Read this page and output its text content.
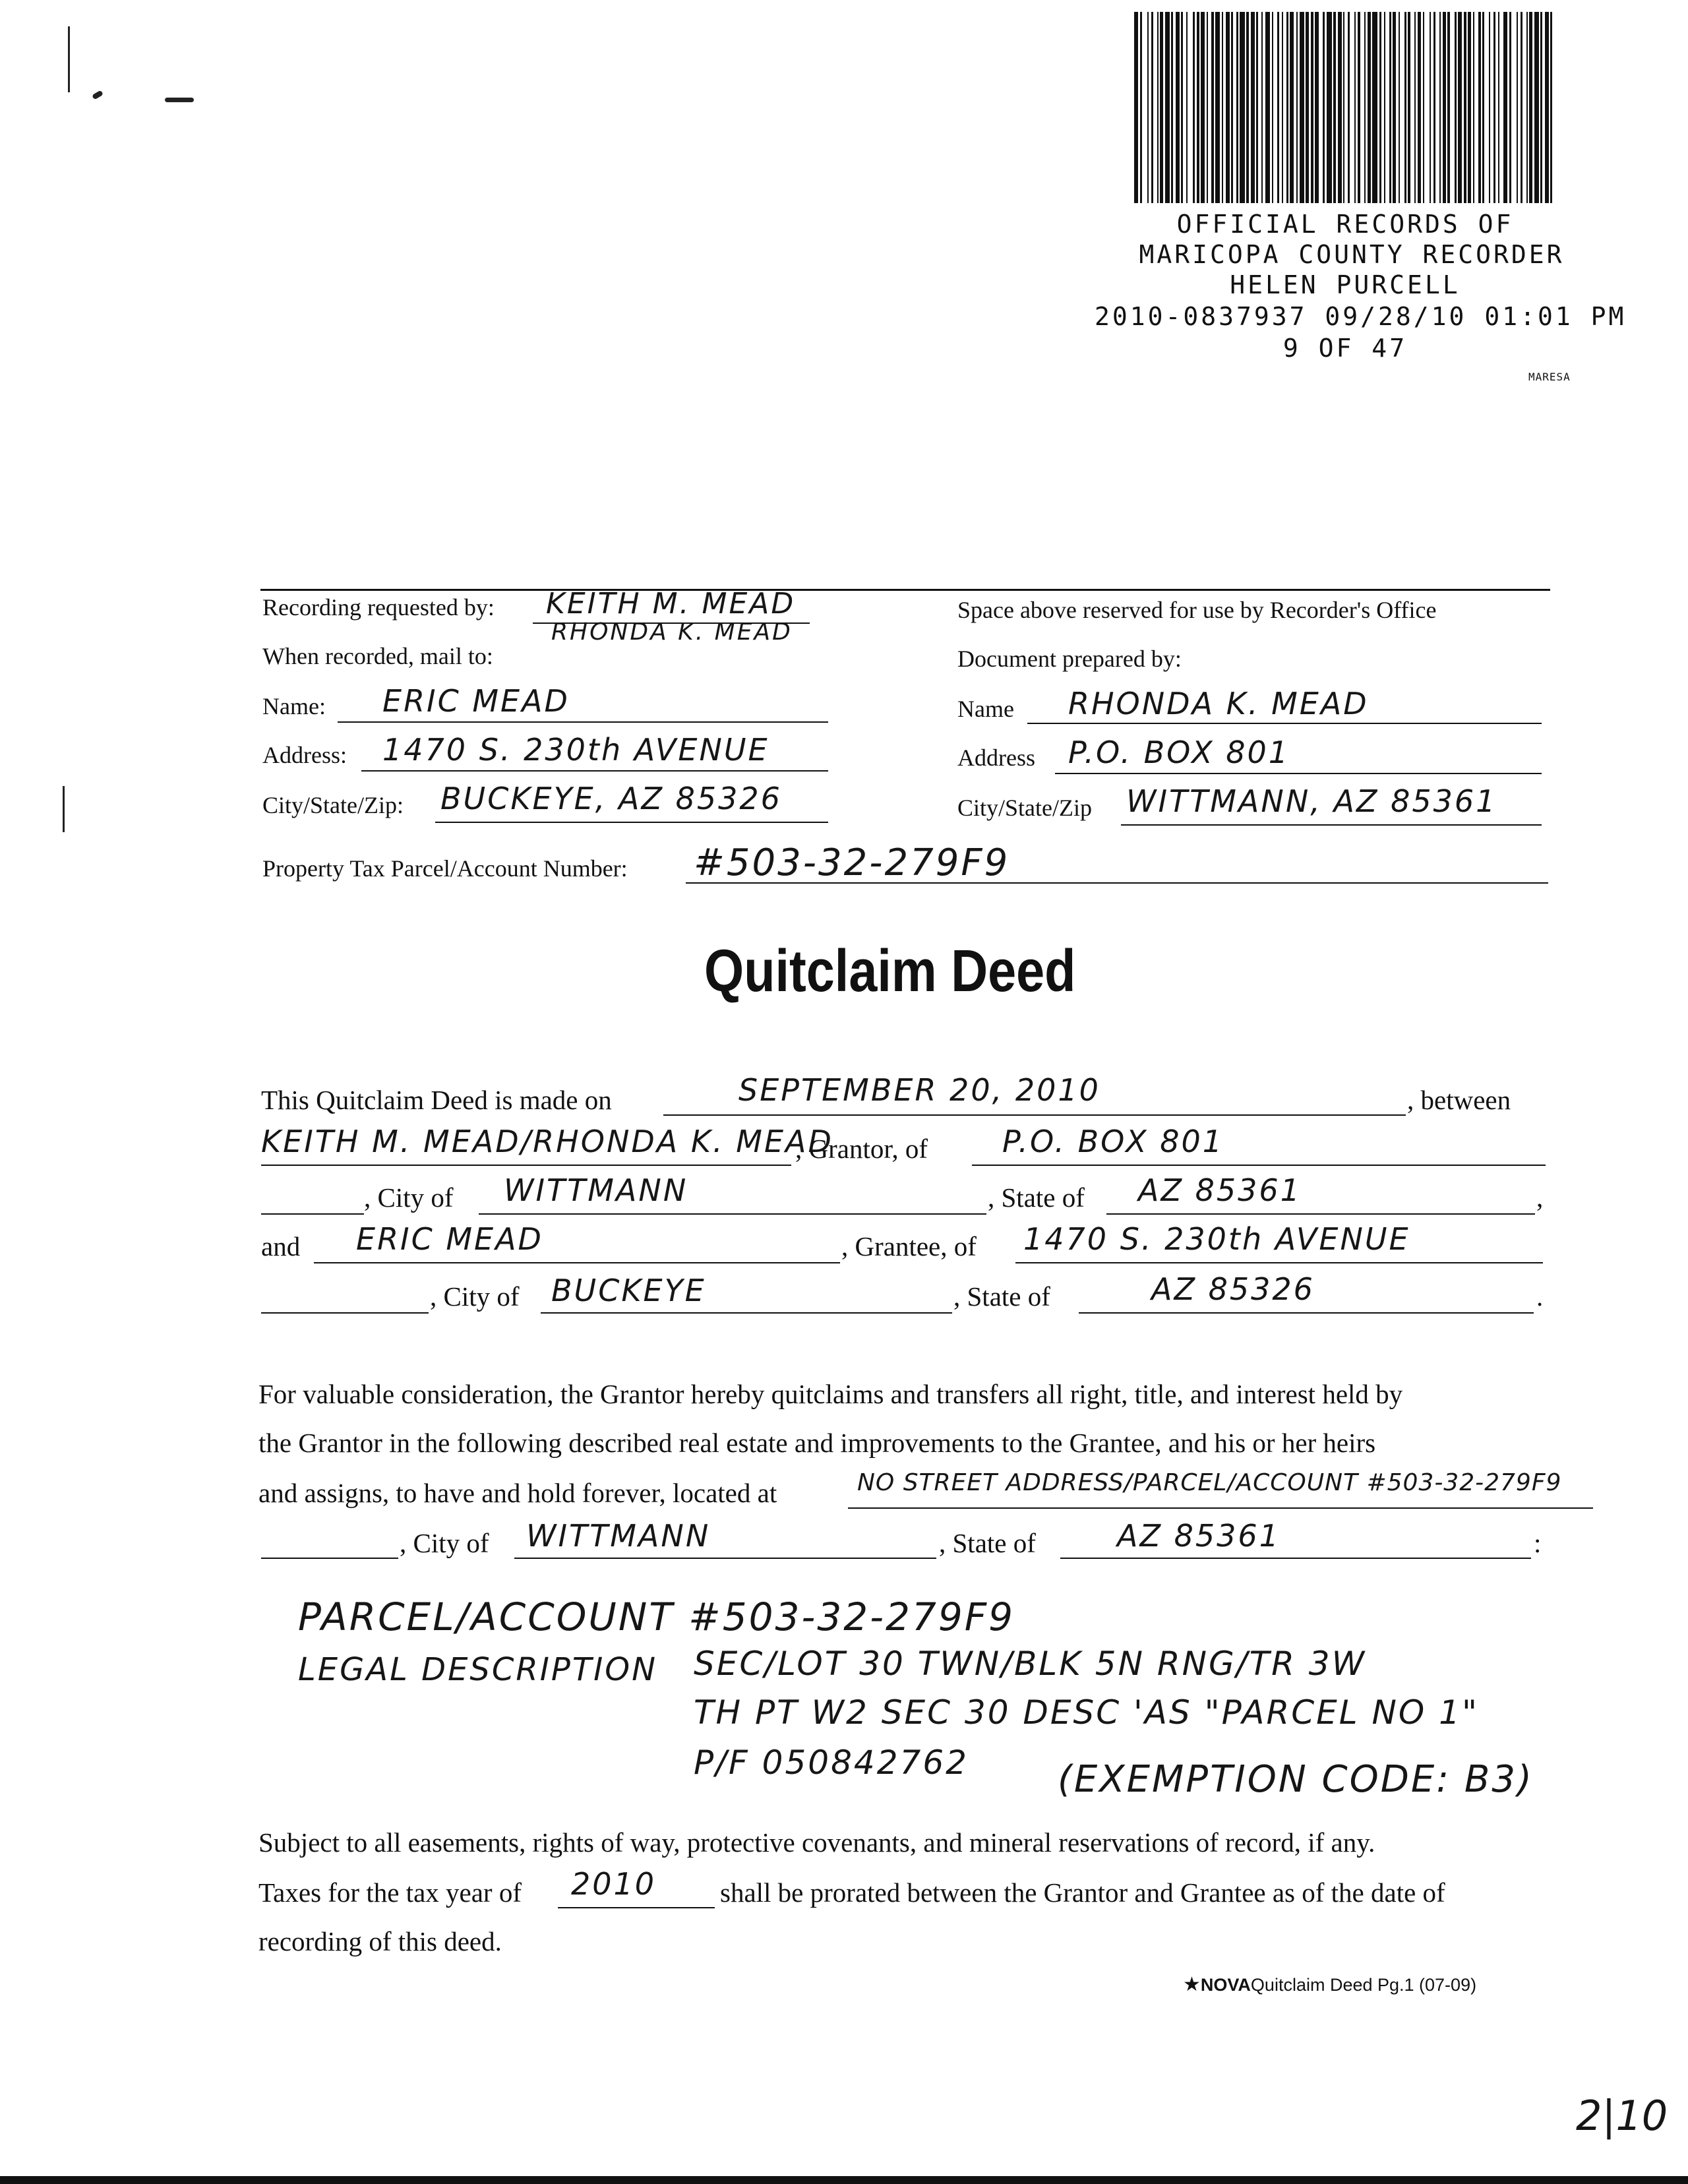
OFFICIAL RECORDS OF
MARICOPA COUNTY RECORDER
HELEN PURCELL
2010-0837937 09/28/10 01:01 PM
9 OF 47
MARESA
Recording requested by: KEITH M. MEAD
RHONDA K. MEAD
When recorded, mail to:
Name: ERIC MEAD
Address: 1470 S. 230th AVENUE
City/State/Zip: BUCKEYE, AZ 85326
Space above reserved for use by Recorder's Office
Document prepared by:
Name RHONDA K. MEAD
Address P.O. BOX 801
City/State/Zip WITTMANN, AZ 85361
Property Tax Parcel/Account Number: #503-32-279F9
Quitclaim Deed
This Quitclaim Deed is made on	SEPTEMBER 20, 2010	, between
KEITH M. MEAD/RHONDA K. MEAD
, Grantor, of P.O. BOX 801
, City of WITTMANN	, State of AZ 85361	,
and ERIC MEAD	, Grantee, of 1470 S. 230th AVENUE
, City of BUCKEYE	, State of	AZ 85326	.
For valuable consideration, the Grantor hereby quitclaims and transfers all right, title, and interest held by
the Grantor in the following described real estate and improvements to the Grantee, and his or her heirs
and assigns, to have and hold forever, located at	NO STREET ADDRESS/PARCEL/ACCOUNT #503-32-279F9
, City of WITTMANN	, State of	AZ 85361	:
PARCEL/ACCOUNT #503-32-279F9
LEGAL DESCRIPTION SEC/LOT 30 TWN/BLK 5N RNG/TR 3W
TH PT W2 SEC 30 DESC 'AS "PARCEL NO 1"
P/F 050842762 (EXEMPTION CODE: B3)
Subject to all easements, rights of way, protective covenants, and mineral reservations of record, if any.
Taxes for the tax year of 2010 shall be prorated between the Grantor and Grantee as of the date of
recording of this deed.
★NOVAQuitclaim Deed Pg.1 (07-09)
2|10
